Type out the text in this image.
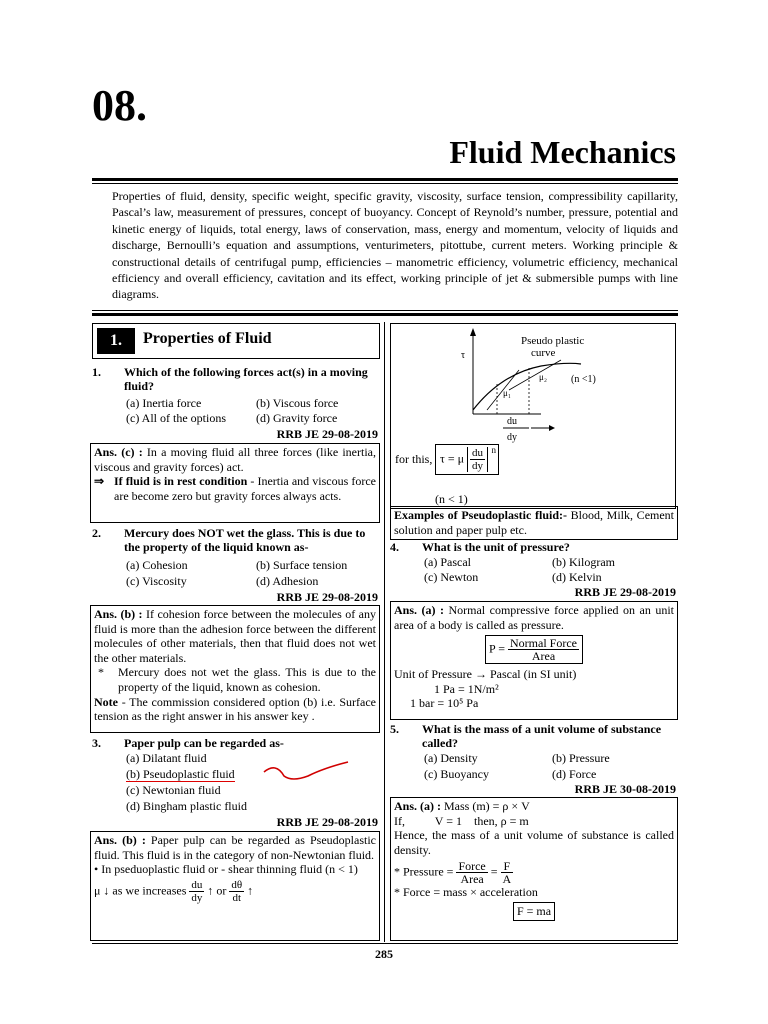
08.
Fluid Mechanics
Properties of fluid, density, specific weight, specific gravity, viscosity, surface tension, compressibility capillarity, Pascal’s law, measurement of pressures, concept of buoyancy. Concept of Reynold’s number, pressure, potential and kinetic energy of liquids, total energy, laws of conservation, mass, energy and momentum, velocity of liquids and discharge, Bernoulli’s equation and assumptions, venturimeters, pitottube, current meters. Working principle & constructional details of centrifugal pump, efficiencies – manometric efficiency, volumetric efficiency, mechanical efficiency and overall efficiency, cavitation and its effect, working principle of jet & submersible pumps with line diagrams.
1.	Properties of Fluid
1. Which of the following forces act(s) in a moving fluid?
(a) Inertia force	(b) Viscous force
(c) All of the options	(d) Gravity force
RRB JE 29-08-2019
Ans. (c) : In a moving fluid all three forces (like inertia, viscous and gravity forces) act.
⇒ If fluid is in rest condition - Inertia and viscous force are become zero but gravity forces always acts.
2. Mercury does NOT wet the glass. This is due to the property of the liquid known as-
(a) Cohesion	(b) Surface tension
(c) Viscosity	(d) Adhesion
RRB JE 29-08-2019
Ans. (b) : If cohesion force between the molecules of any fluid is more than the adhesion force between the different molecules of other materials, then that fluid does not wet the other materials.
* Mercury does not wet the glass. This is due to the property of the liquid, known as cohesion.
Note - The commission considered option (b) i.e. Surface tension as the right answer in his answer key .
3. Paper pulp can be regarded as-
(a) Dilatant fluid
(b) Pseudoplastic fluid
(c) Newtonian fluid
(d) Bingham plastic fluid
RRB JE 29-08-2019
Ans. (b) : Paper pulp can be regarded as Pseudoplastic fluid. This fluid is in the category of non-Newtonian fluid.
• In pseduoplastic fluid or - shear thinning fluid (n < 1)
μ ↓ as we increases $\frac{du}{dy}$ ↑ or $\frac{d\theta}{dt}$ ↑
Pseudo plastic
curve
(n <1)
τ
μ₁
μ₂
du
dy
for this, τ = μ $\frac{du}{dy}$ n
(n < 1)
Examples of Pseudoplastic fluid:- Blood, Milk, Cement solution and paper pulp etc.
4. What is the unit of pressure?
(a) Pascal	(b) Kilogram
(c) Newton	(d) Kelvin
RRB JE 29-08-2019
Ans. (a) : Normal compressive force applied on an unit area of a body is called as pressure.
$P = \frac{\text{Normal Force}}{\text{Area}}$
Unit of Pressure → Pascal (in SI unit)
1 Pa = 1N/m²
1 bar = 10⁵ Pa
5. What is the mass of a unit volume of substance called?
(a) Density	(b) Pressure
(c) Buoyancy	(d) Force
RRB JE 30-08-2019
Ans. (a) : Mass (m) = ρ × V
If,          V = 1    then, ρ = m
Hence, the mass of a unit volume of substance is called density.
* Pressure = $\frac{\text{Force}}{\text{Area}} = \frac{F}{A}$
* Force = mass × acceleration
F = ma
285
